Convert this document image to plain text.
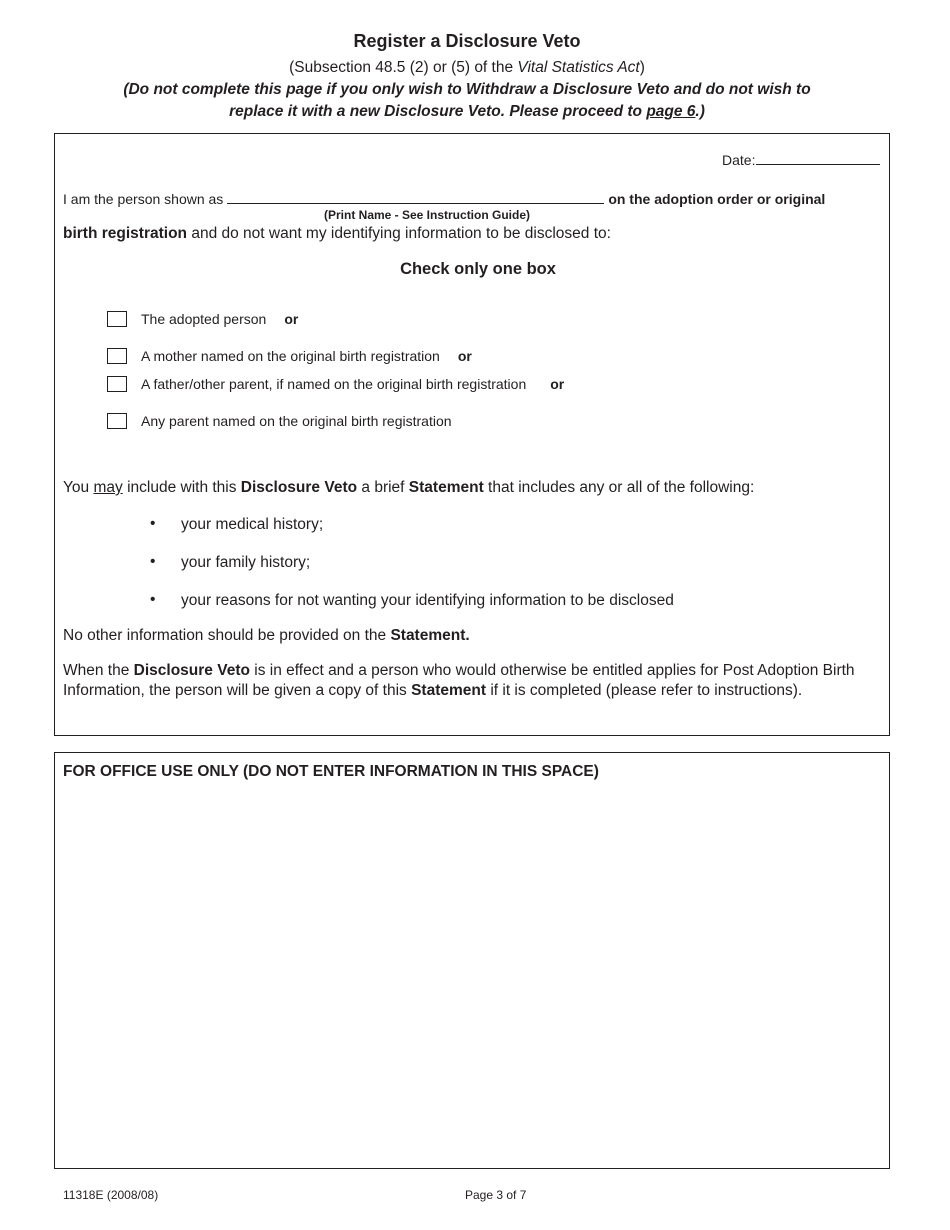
Register a Disclosure Veto
(Subsection 48.5 (2) or (5) of the Vital Statistics Act)
(Do not complete this page if you only wish to Withdraw a Disclosure Veto and do not wish to
replace it with a new Disclosure Veto. Please proceed to page 6.)
Date:
I am the person shown as	on the adoption order or original
(Print Name - See Instruction Guide)
birth registration and do not want my identifying information to be disclosed to:
Check only one box
The adopted person or
A mother named on the original birth registration or
A father/other parent, if named on the original birth registration or
Any parent named on the original birth registration
You may include with this Disclosure Veto a brief Statement that includes any or all of the following:
• your medical history;
• your family history;
• your reasons for not wanting your identifying information to be disclosed
No other information should be provided on the Statement.
When the Disclosure Veto is in effect and a person who would otherwise be entitled applies for Post Adoption Birth Information, the person will be given a copy of this Statement if it is completed (please refer to instructions).
FOR OFFICE USE ONLY (DO NOT ENTER INFORMATION IN THIS SPACE)
11318E (2008/08)	Page 3 of 7
